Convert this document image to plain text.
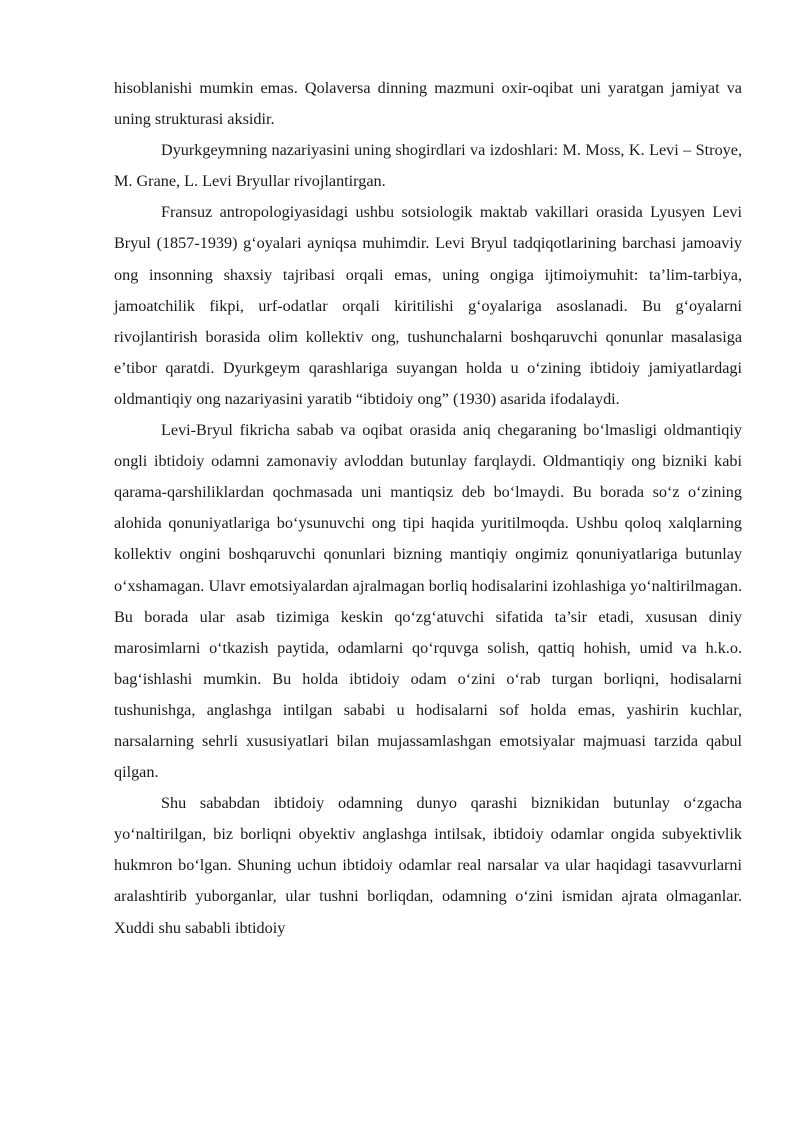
hisoblanishi mumkin emas. Qolaversa dinning mazmuni oxir-oqibat uni yaratgan jamiyat va uning strukturasi aksidir.

Dyurkgeymning nazariyasini uning shogirdlari va izdoshlari: M. Moss, K. Levi – Stroye, M. Grane, L. Levi Bryullar rivojlantirgan.

Fransuz antropologiyasidagi ushbu sotsiologik maktab vakillari orasida Lyusyen Levi Bryul (1857-1939) g‘oyalari ayniqsa muhimdir. Levi Bryul tadqiqotlarining barchasi jamoaviy ong insonning shaxsiy tajribasi orqali emas, uning ongiga ijtimoiymuhit: ta’lim-tarbiya, jamoatchilik fikpi, urf-odatlar orqali kiritilishi g‘oyalariga asoslanadi. Bu g‘oyalarni rivojlantirish borasida olim kollektiv ong, tushunchalarni boshqaruvchi qonunlar masalasiga e’tibor qaratdi. Dyurkgeym qarashlariga suyangan holda u o‘zining ibtidoiy jamiyatlardagi oldmantiqiy ong nazariyasini yaratib “ibtidoiy ong” (1930) asarida ifodalaydi.

Levi-Bryul fikricha sabab va oqibat orasida aniq chegaraning bo‘lmasligi oldmantiqiy ongli ibtidoiy odamni zamonaviy avloddan butunlay farqlaydi. Oldmantiqiy ong bizniki kabi qarama-qarshiliklardan qochmasada uni mantiqsiz deb bo‘lmaydi. Bu borada so‘z o‘zining alohida qonuniyatlariga bo‘ysunuvchi ong tipi haqida yuritilmoqda. Ushbu qoloq xalqlarning kollektiv ongini boshqaruvchi qonunlari bizning mantiqiy ongimiz qonuniyatlariga butunlay o‘xshamagan. Ulavr emotsiyalardan ajralmagan borliq hodisalarini izohlashiga yo‘naltirilmagan. Bu borada ular asab tizimiga keskin qo‘zg‘atuvchi sifatida ta’sir etadi, xususan diniy marosimlarni o‘tkazish paytida, odamlarni qo‘rquvga solish, qattiq hohish, umid va h.k.o. bag‘ishlashi mumkin. Bu holda ibtidoiy odam o‘zini o‘rab turgan borliqni, hodisalarni tushunishga, anglashga intilgan sababi u hodisalarni sof holda emas, yashirin kuchlar, narsalarning sehrli xususiyatlari bilan mujassamlashgan emotsiyalar majmuasi tarzida qabul qilgan.

Shu sababdan ibtidoiy odamning dunyo qarashi biznikidan butunlay o‘zgacha yo‘naltirilgan, biz borliqni obyektiv anglashga intilsak, ibtidoiy odamlar ongida subyektivlik hukmron bo‘lgan. Shuning uchun ibtidoiy odamlar real narsalar va ular haqidagi tasavvurlarni aralashtirib yuborganlar, ular tushni borliqdan, odamning o‘zini ismidan ajrata olmaganlar. Xuddi shu sababli ibtidoiy
